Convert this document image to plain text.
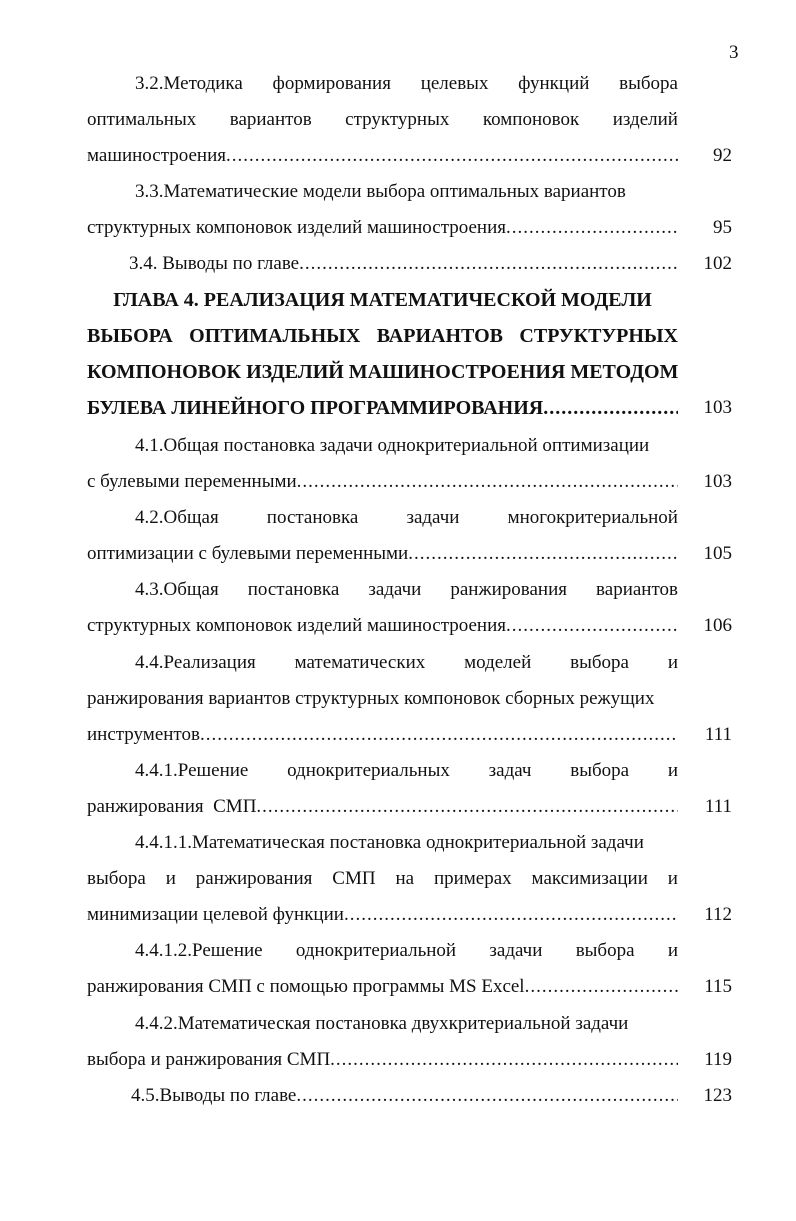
3
3.2.Методика формирования целевых функций выбора
оптимальных вариантов структурных компоновок изделий
машиностроения .....	92
3.3.Математические модели выбора оптимальных вариантов
структурных компоновок изделий машиностроения .....	95
3.4. Выводы по главе .....	102
ГЛАВА 4. РЕАЛИЗАЦИЯ МАТЕМАТИЧЕСКОЙ МОДЕЛИ
ВЫБОРА ОПТИМАЛЬНЫХ ВАРИАНТОВ СТРУКТУРНЫХ
КОМПОНОВОК ИЗДЕЛИЙ МАШИНОСТРОЕНИЯ МЕТОДОМ
БУЛЕВА ЛИНЕЙНОГО ПРОГРАММИРОВАНИЯ .....	103
4.1.Общая постановка задачи однокритериальной оптимизации
с булевыми переменными .....	103
4.2.Общая	постановка	задачи	многокритериальной
оптимизации с булевыми переменными .....	105
4.3.Общая постановка задачи ранжирования вариантов
структурных компоновок изделий машиностроения .....	106
4.4.Реализация математических моделей выбора и
ранжирования вариантов структурных компоновок сборных режущих
инструментов .....	111
4.4.1.Решение однокритериальных задач выбора и
ранжирования  СМП .....	111
4.4.1.1.Математическая постановка однокритериальной задачи
выбора и ранжирования СМП на примерах максимизации и
минимизации целевой функции .....	112
4.4.1.2.Решение однокритериальной задачи выбора и
ранжирования СМП с помощью программы MS Excel .....	115
4.4.2.Математическая постановка двухкритериальной задачи
выбора и ранжирования СМП .....	119
4.5.Выводы по главе .....	123
